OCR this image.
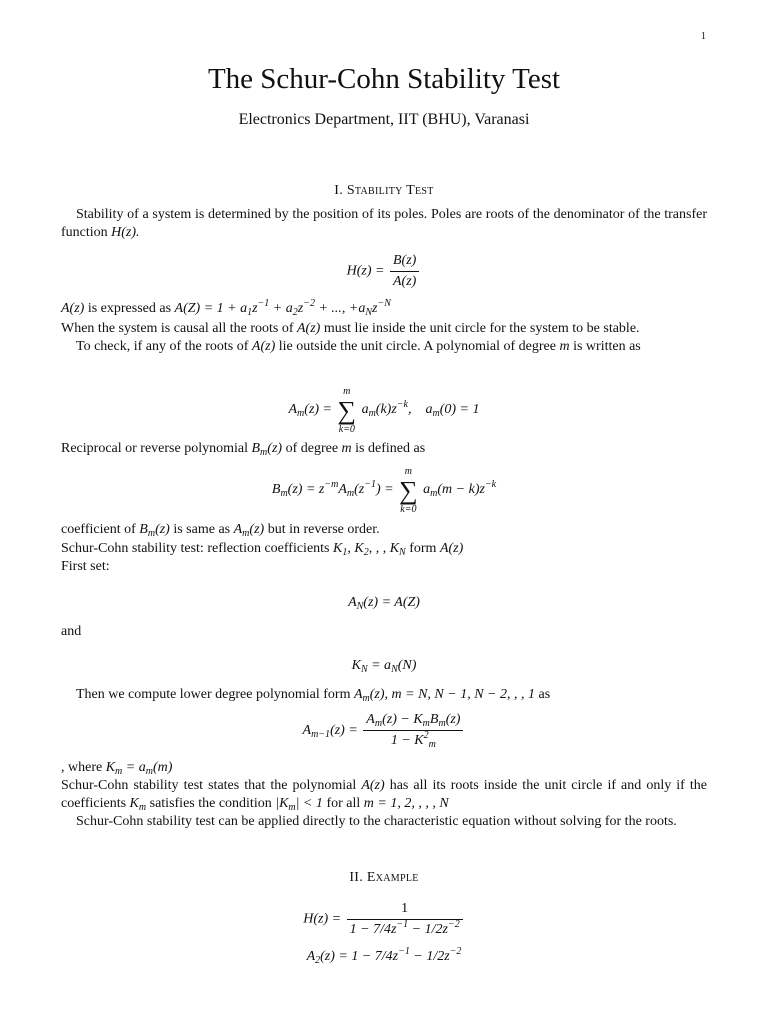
1
The Schur-Cohn Stability Test
Electronics Department, IIT (BHU), Varanasi
I. Stability Test
Stability of a system is determined by the position of its poles. Poles are roots of the denominator of the transfer function H(z).
$H(z) = \frac{B(z)}{A(z)}$
A(z) is expressed as $A(Z) = 1 + a_1z^{-1} + a_2z^{-2}$ + ..., $+a_Nz^{-N}$
When the system is causal all the roots of A(z) must lie inside the unit circle for the system to be stable.
To check, if any of the roots of A(z) lie outside the unit circle. A polynomial of degree m is written as
$A_m(z)$ =
m
∑
k=0
$a_m(k)z^{-k}$, $a_m(0) = 1$
Reciprocal or reverse polynomial $B_m(z)$ of degree m is defined as
$B_m(z) = z^{-m}A_m(z^{-1})$ =
m
∑
k=0
$a_m(m - k)z^{-k}$
coefficient of $B_m(z)$ is same as $A_m(z)$ but in reverse order.
Schur-Cohn stability test: reflection coefficients $K_1$, $K_2$, , , $K_N$ form A(z)
First set:
$A_N(z) = A(Z)$
and
$K_N = a_N(N)$
Then we compute lower degree polynomial form $A_m(z)$, m = N, N − 1, N − 2, , , 1 as
$A_{m-1}(z) = \frac{A_m(z) - K_mB_m(z)}{1 - K^2_m}$
, where $K_m = a_m(m)$
Schur-Cohn stability test states that the polynomial A(z) has all its roots inside the unit circle if and only if the coefficients $K_m$ satisfies the condition $|K_m| < 1$ for all m = 1, 2, , , , N
Schur-Cohn stability test can be applied directly to the characteristic equation without solving for the roots.
II. Example
$H(z) = \frac{1}{1 - 7/4z^{-1} - 1/2z^{-2}}$
$A_2(z) = 1 - 7/4z^{-1} - 1/2z^{-2}$
